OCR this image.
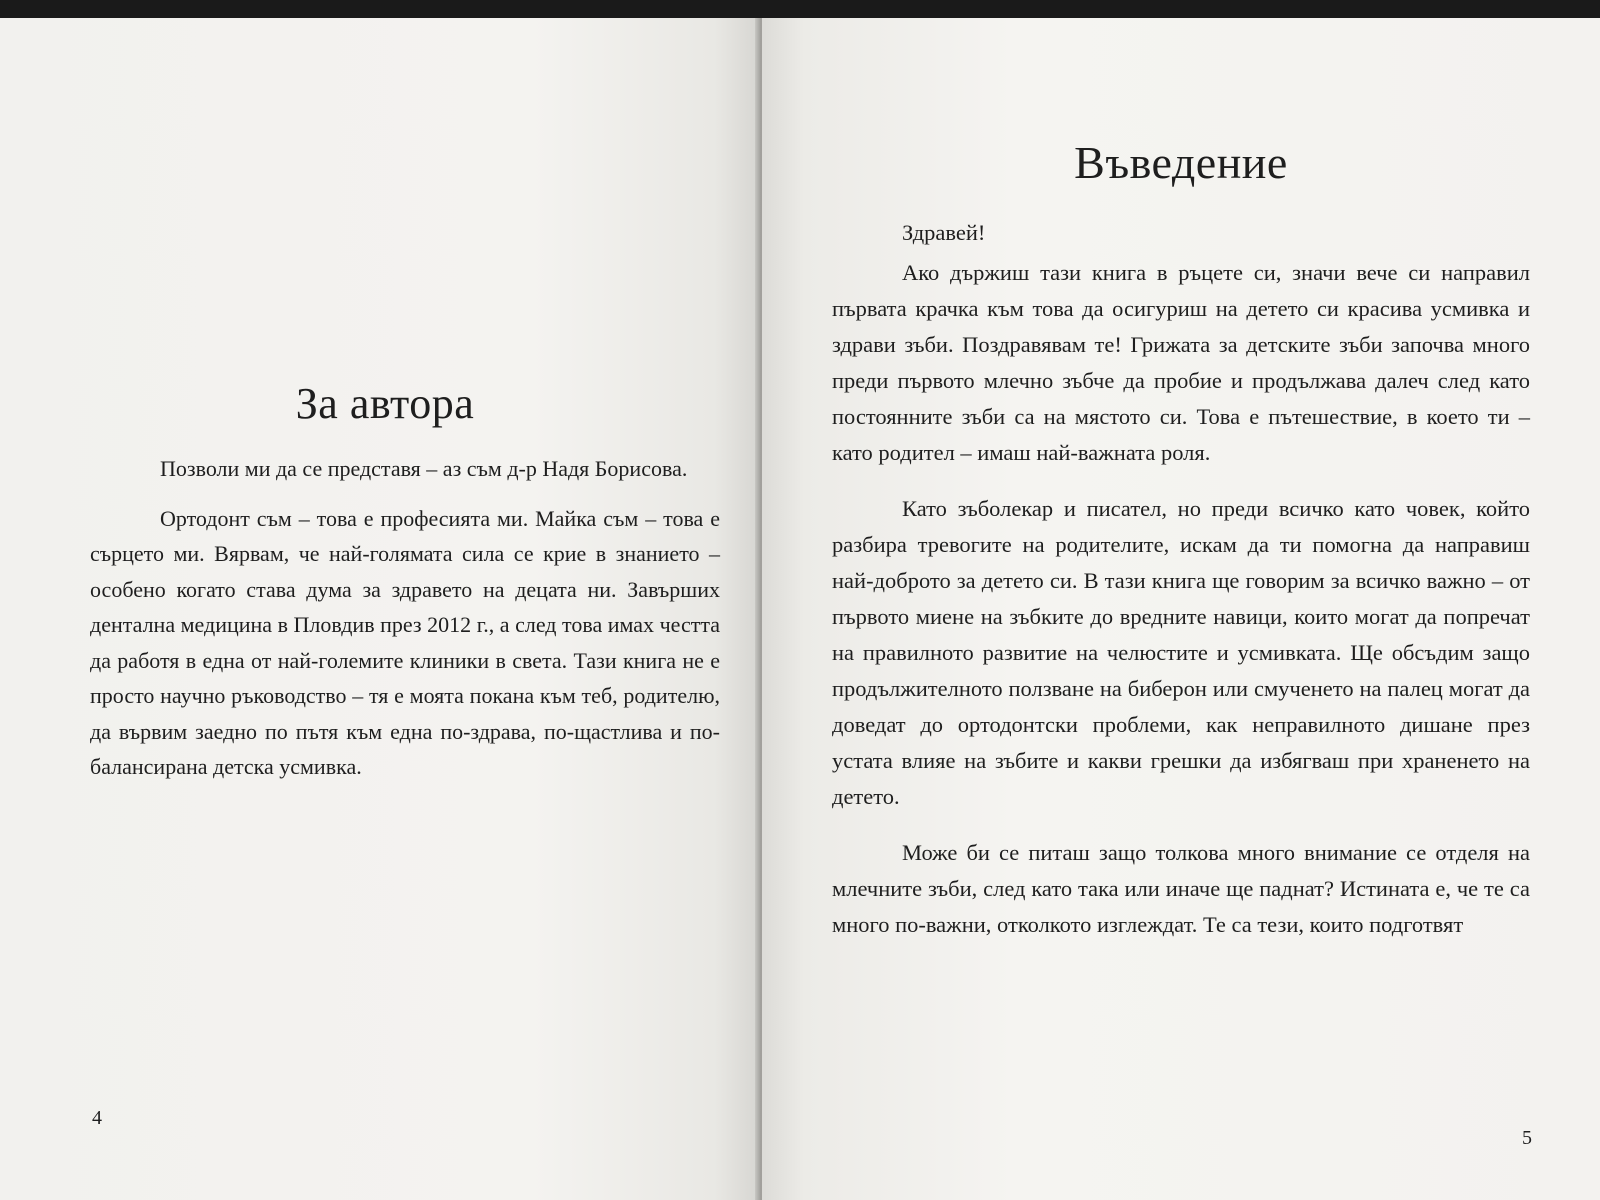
За автора

Позволи ми да се представя – аз съм д-р Надя Борисова.

Ортодонт съм – това е професията ми. Майка съм – това е сърцето ми. Вярвам, че най-голямата сила се крие в знанието – особено когато става дума за здравето на децата ни. Завърших дентална медицина в Пловдив през 2012 г., а след това имах честта да работя в една от най-големите клиники в света. Тази книга не е просто научно ръководство – тя е моята покана към теб, родителю, да вървим заедно по пътя към една по-здрава, по-щастлива и по-балансирана детска усмивка.

4
Въведение

Здравей!

Ако държиш тази книга в ръцете си, значи вече си направил първата крачка към това да осигуриш на детето си красива усмивка и здрави зъби. Поздравявам те! Грижата за детските зъби започва много преди първото млечно зъбче да пробие и продължава далеч след като постоянните зъби са на мястото си. Това е пътешествие, в което ти – като родител – имаш най-важната роля.

Като зъболекар и писател, но преди всичко като човек, който разбира тревогите на родителите, искам да ти помогна да направиш най-доброто за детето си. В тази книга ще говорим за всичко важно – от първото миене на зъбките до вредните навици, които могат да попречат на правилното развитие на челюстите и усмивката. Ще обсъдим защо продължителното ползване на биберон или смученето на палец могат да доведат до ортодонтски проблеми, как неправилното дишане през устата влияе на зъбите и какви грешки да избягваш при храненето на детето.

Може би се питаш защо толкова много внимание се отделя на млечните зъби, след като така или иначе ще паднат? Истината е, че те са много по-важни, отколкото изглеждат. Те са тези, които подготвят

5
